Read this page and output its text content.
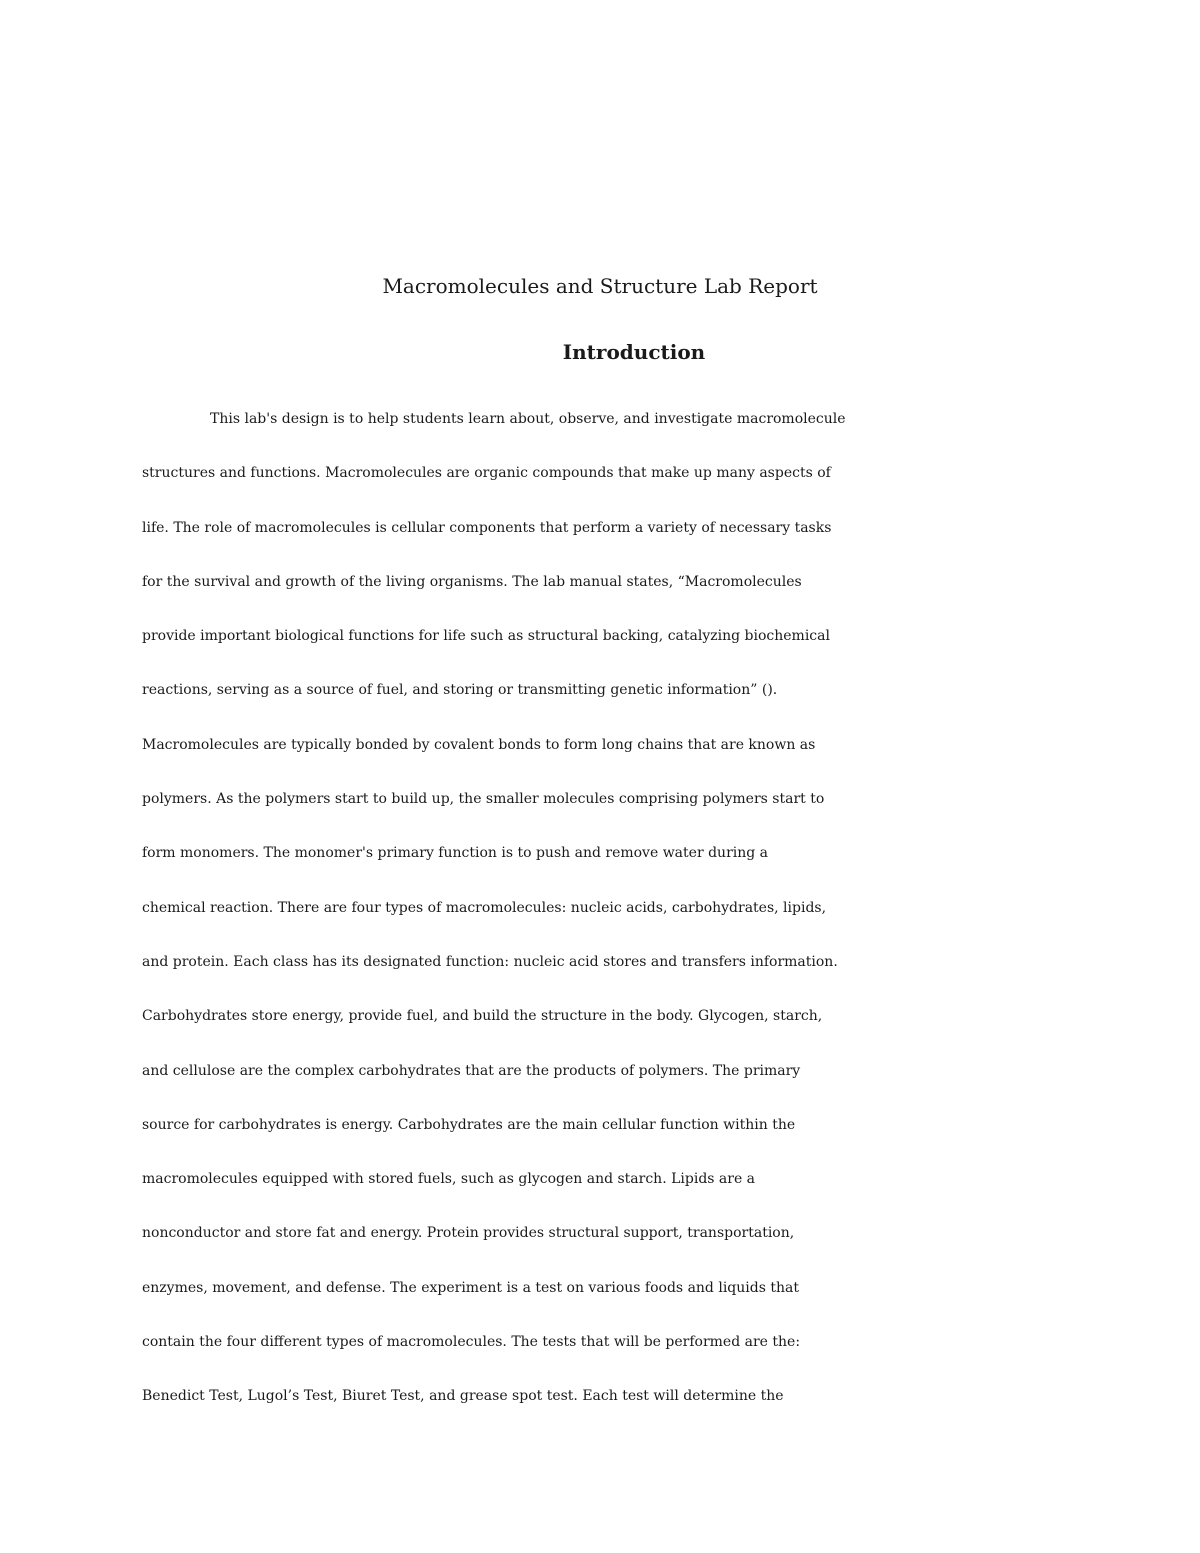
Macromolecules and Structure Lab Report
Introduction
This lab's design is to help students learn about, observe, and investigate macromolecule
structures and functions. Macromolecules are organic compounds that make up many aspects of
life. The role of macromolecules is cellular components that perform a variety of necessary tasks
for the survival and growth of the living organisms. The lab manual states, “Macromolecules
provide important biological functions for life such as structural backing, catalyzing biochemical
reactions, serving as a source of fuel, and storing or transmitting genetic information” ().
Macromolecules are typically bonded by covalent bonds to form long chains that are known as
polymers. As the polymers start to build up, the smaller molecules comprising polymers start to
form monomers. The monomer's primary function is to push and remove water during a
chemical reaction. There are four types of macromolecules: nucleic acids, carbohydrates, lipids,
and protein. Each class has its designated function: nucleic acid stores and transfers information.
Carbohydrates store energy, provide fuel, and build the structure in the body. Glycogen, starch,
and cellulose are the complex carbohydrates that are the products of polymers. The primary
source for carbohydrates is energy. Carbohydrates are the main cellular function within the
macromolecules equipped with stored fuels, such as glycogen and starch. Lipids are a
nonconductor and store fat and energy. Protein provides structural support, transportation,
enzymes, movement, and defense. The experiment is a test on various foods and liquids that
contain the four different types of macromolecules. The tests that will be performed are the:
Benedict Test, Lugol’s Test, Biuret Test, and grease spot test. Each test will determine the
